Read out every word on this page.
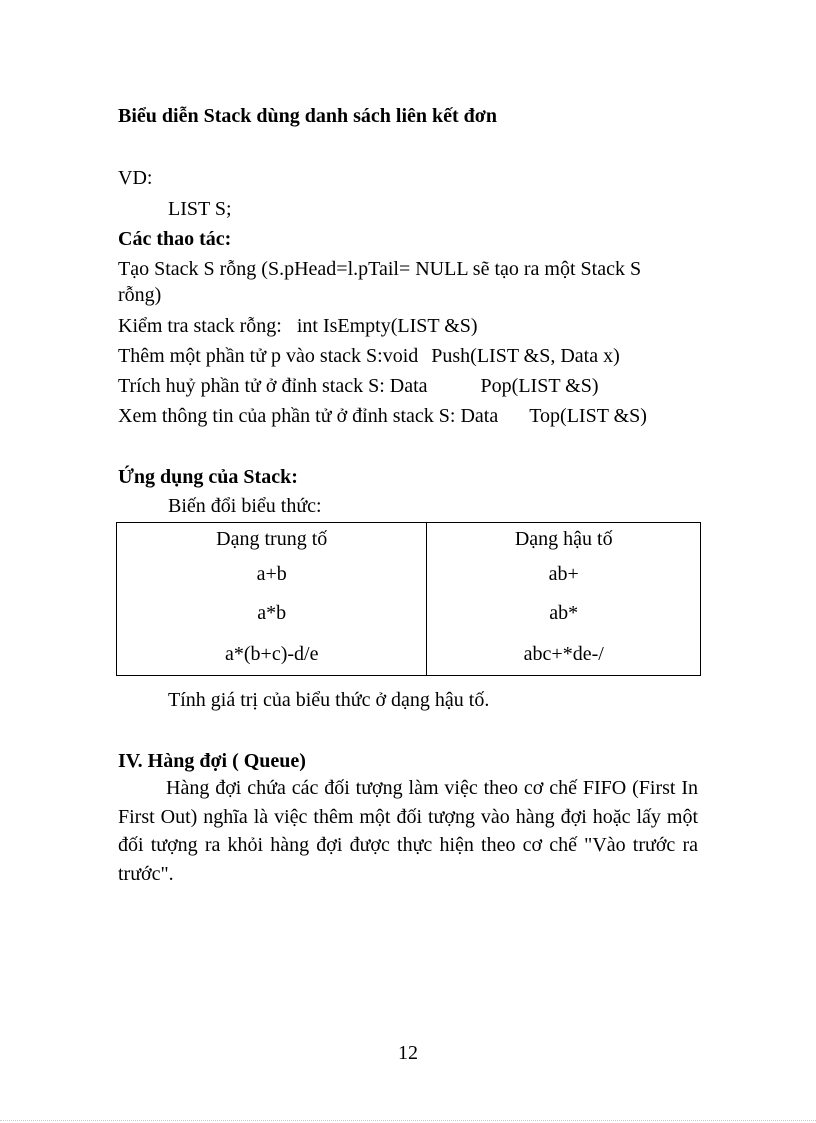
Biểu diễn Stack dùng danh sách liên kết đơn
VD:
LIST S;
Các thao tác:
Tạo Stack S rỗng (S.pHead=l.pTail= NULL sẽ tạo ra một Stack S
rỗng)
Kiểm tra stack rỗng: int IsEmpty(LIST &S)
Thêm một phần tử p vào stack S:void Push(LIST &S, Data x)
Trích huỷ phần tử ở đỉnh stack S: Data	Pop(LIST &S)
Xem thông tin của phần tử ở đỉnh stack S: Data Top(LIST &S)
Ứng dụng của Stack:
Biến đổi biểu thức:
Dạng trung tố	Dạng hậu tố
a+b	ab+
a*b	ab*
a*(b+c)-d/e	abc+*de-/
Tính giá trị của biểu thức ở dạng hậu tố.
IV. Hàng đợi ( Queue)
Hàng đợi chứa các đối tượng làm việc theo cơ chế FIFO (First In First Out) nghĩa là việc thêm một đối tượng vào hàng đợi hoặc lấy một đối tượng ra khỏi hàng đợi được thực hiện theo cơ chế "Vào trước ra trước".
12
